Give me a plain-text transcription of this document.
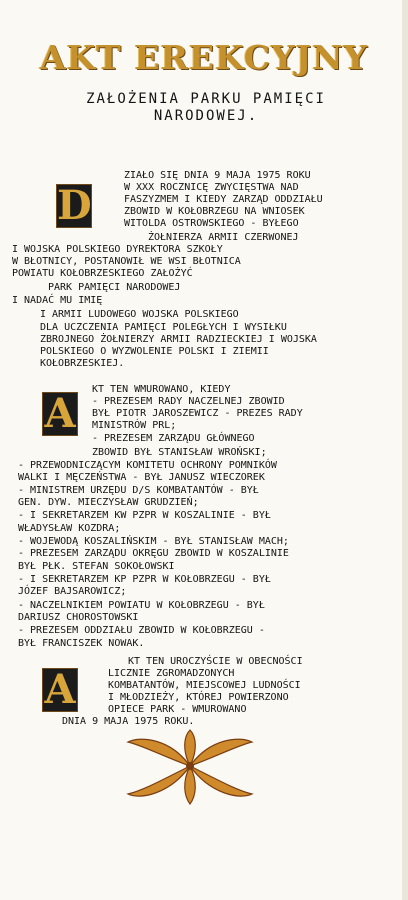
AKT EREKCYJNY
ZAŁOŻENIA PARKU PAMIĘCI
NARODOWEJ.
D
A
A
ZIAŁO SIĘ DNIA 9 MAJA 1975 ROKU
W XXX ROCZNICĘ ZWYCIĘSTWA NAD
FASZYZMEM I KIEDY ZARZĄD ODDZIAŁU
ZBOWID W KOŁOBRZEGU NA WNIOSEK
WITOLDA OSTROWSKIEGO - BYŁEGO
ŻOŁNIERZA ARMII CZERWONEJ
I WOJSKA POLSKIEGO DYREKTORA SZKOŁY
W BŁOTNICY, POSTANOWIŁ WE WSI BŁOTNICA
POWIATU KOŁOBRZESKIEGO ZAŁOŻYĆ
PARK PAMIĘCI NARODOWEJ
I NADAĆ MU IMIĘ
I ARMII LUDOWEGO WOJSKA POLSKIEGO
DLA UCZCZENIA PAMIĘCI POLEGŁYCH I WYSIŁKU
ZBROJNEGO ŻOŁNIERZY ARMII RADZIECKIEJ I WOJSKA
POLSKIEGO O WYZWOLENIE POLSKI I ZIEMII
KOŁOBRZESKIEJ.
KT TEN WMUROWANO, KIEDY
- PREZESEM RADY NACZELNEJ ZBOWID
BYŁ PIOTR JAROSZEWICZ - PREZES RADY
MINISTRÓW PRL;
- PREZESEM ZARZĄDU GŁÓWNEGO
ZBOWID BYŁ STANISŁAW WROŃSKI;
- PRZEWODNICZĄCYM KOMITETU OCHRONY POMNIKÓW
WALKI I MĘCZEŃSTWA - BYŁ JANUSZ WIECZOREK
- MINISTREM URZĘDU D/S KOMBATANTÓW - BYŁ
GEN. DYW. MIECZYSŁAW GRUDZIEŃ;
- I SEKRETARZEM KW PZPR W KOSZALINIE - BYŁ
WŁADYSŁAW KOZDRA;
- WOJEWODĄ KOSZALIŃSKIM - BYŁ STANISŁAW MACH;
- PREZESEM ZARZĄDU OKRĘGU ZBOWID W KOSZALINIE
BYŁ PŁK. STEFAN SOKOŁOWSKI
- I SEKRETARZEM KP PZPR W KOŁOBRZEGU - BYŁ
JÓZEF BAJSAROWICZ;
- NACZELNIKIEM POWIATU W KOŁOBRZEGU - BYŁ
DARIUSZ CHOROSTOWSKI
- PREZESEM ODDZIAŁU ZBOWID W KOŁOBRZEGU -
BYŁ FRANCISZEK NOWAK.
KT TEN UROCZYŚCIE W OBECNOŚCI
LICZNIE ZGROMADZONYCH
KOMBATANTÓW, MIEJSCOWEJ LUDNOŚCI
I MŁODZIEŻY, KTÓREJ POWIERZONO
OPIECE PARK - WMUROWANO
DNIA 9 MAJA 1975 ROKU.
